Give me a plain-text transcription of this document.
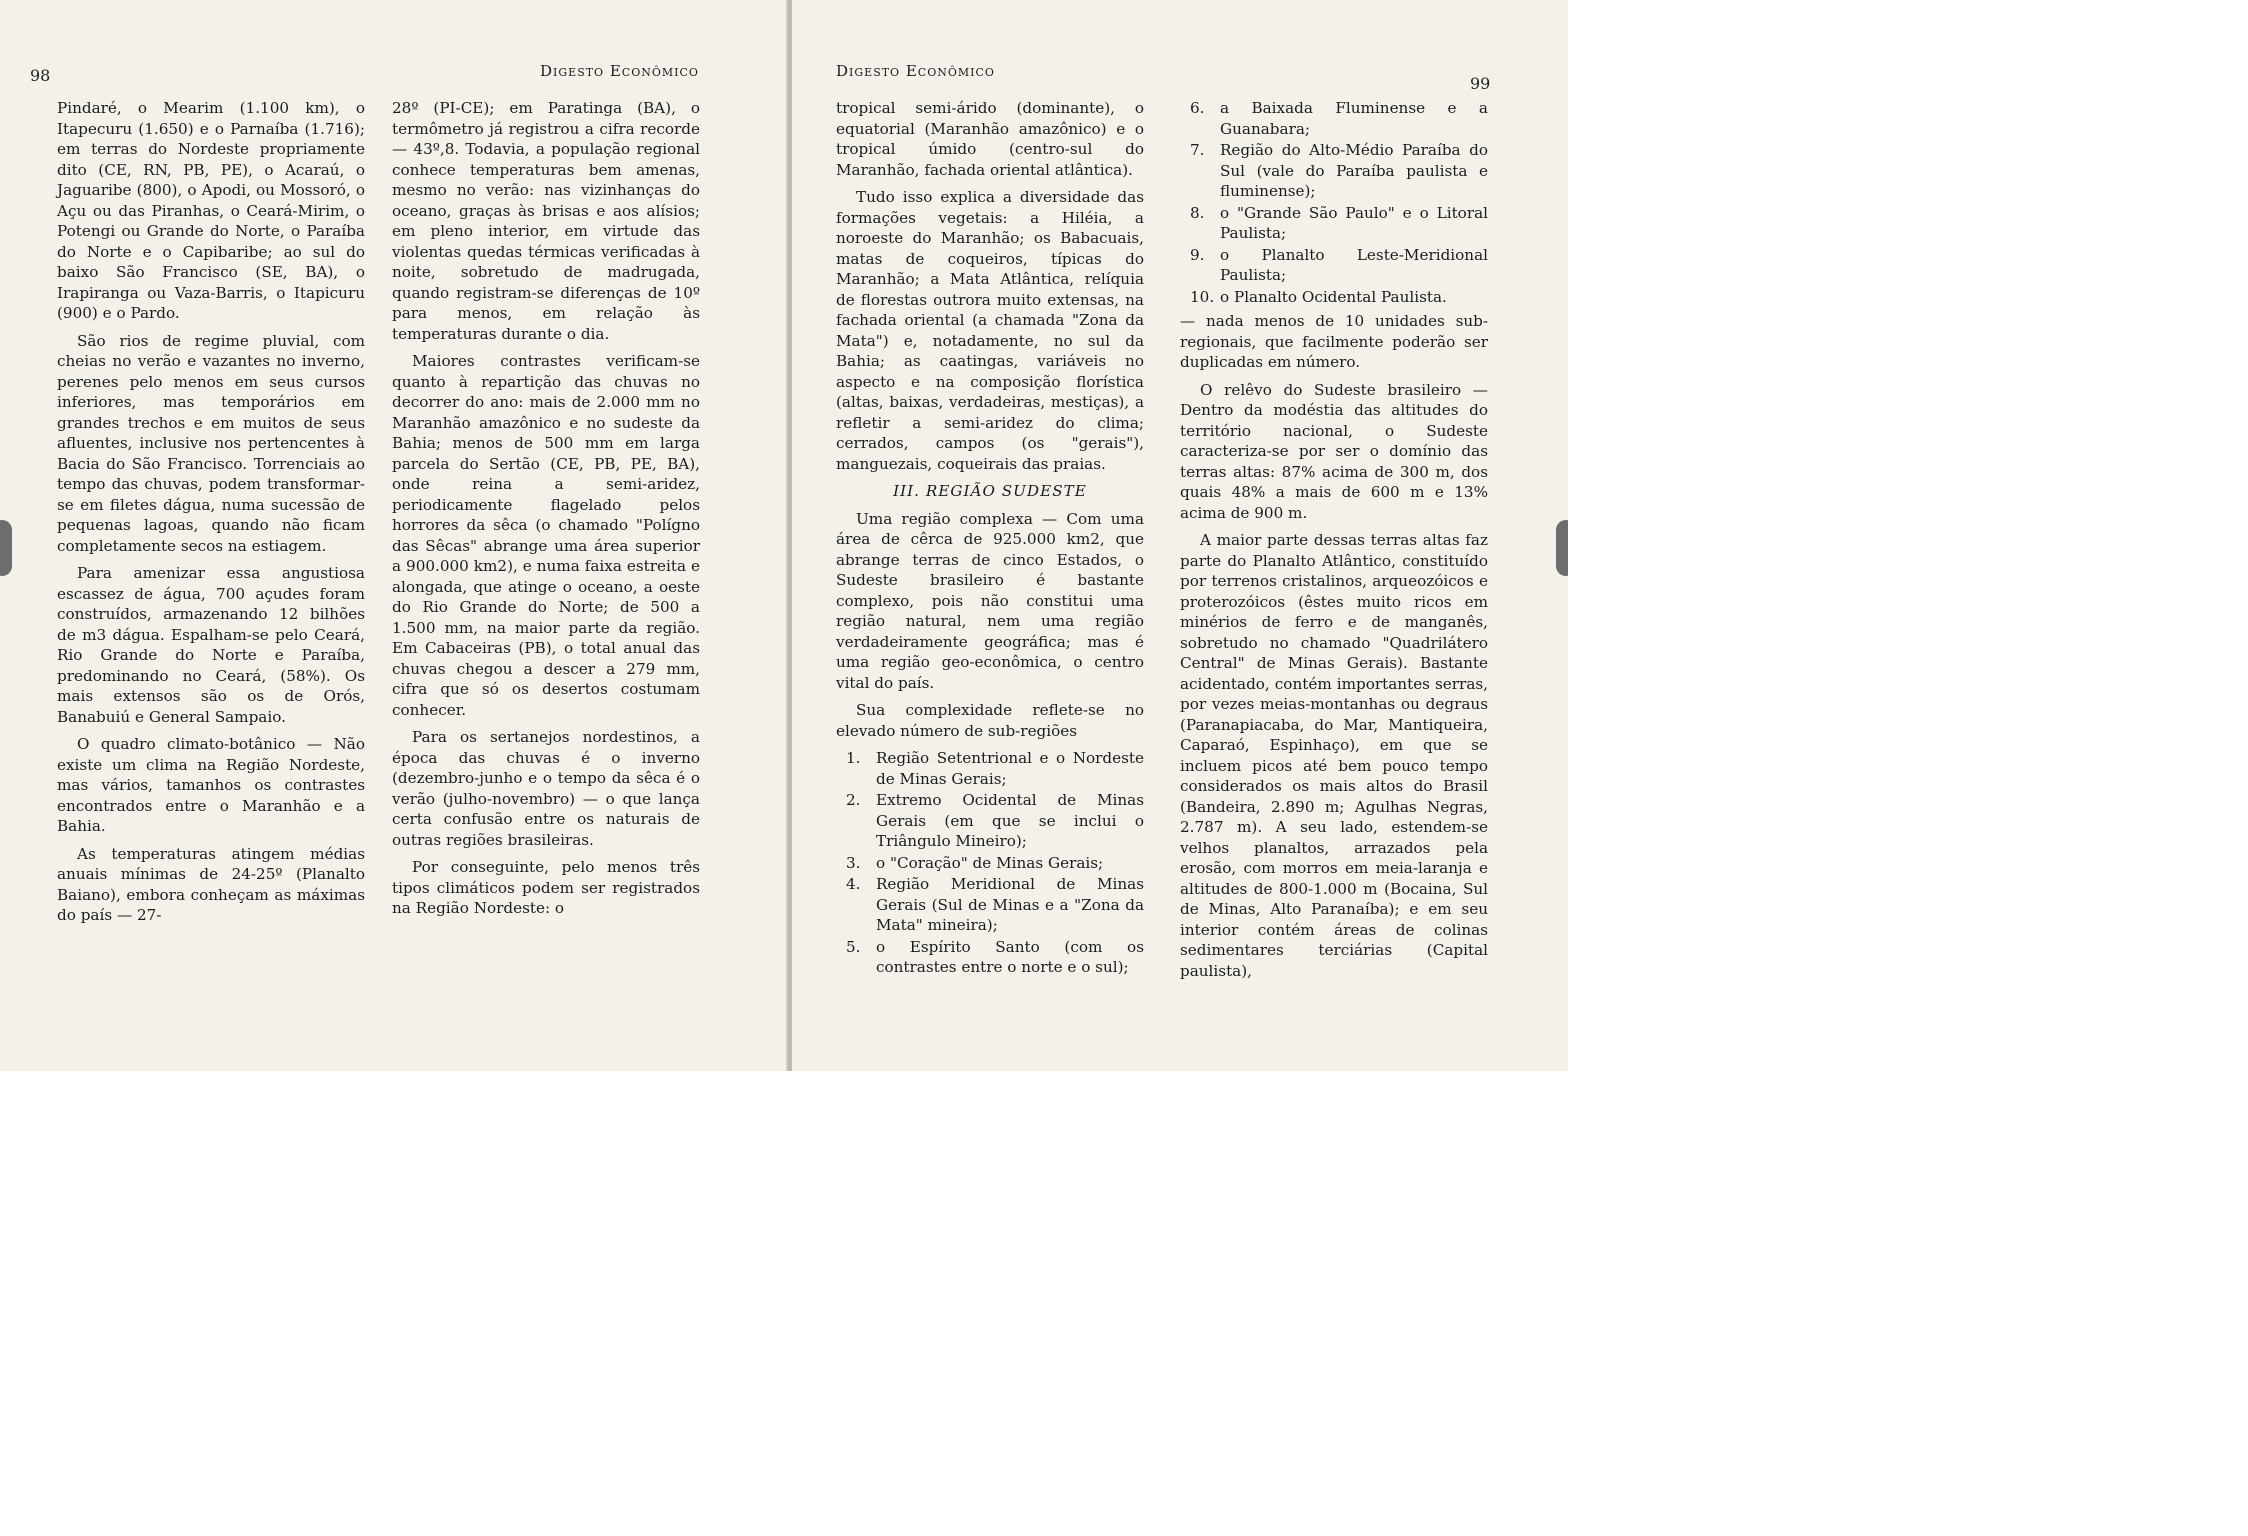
98	Digesto Econômico

Pindaré, o Mearim (1.100 km), o Itapecuru (1.650) e o Parnaíba (1.716); em terras do Nordeste propriamente dito (CE, RN, PB, PE), o Acaraú, o Jaguaribe (800), o Apodi, ou Mossoró, o Açu ou das Piranhas, o Ceará-Mirim, o Potengi ou Grande do Norte, o Paraíba do Norte e o Capibaribe; ao sul do baixo São Francisco (SE, BA), o Irapiranga ou Vaza-Barris, o Itapicuru (900) e o Pardo.

São rios de regime pluvial, com cheias no verão e vazantes no inverno, perenes pelo menos em seus cursos inferiores, mas temporários em grandes trechos e em muitos de seus afluentes, inclusive nos pertencentes à Bacia do São Francisco. Torrenciais ao tempo das chuvas, podem transformar-se em filetes dágua, numa sucessão de pequenas lagoas, quando não ficam completamente secos na estiagem.

Para amenizar essa angustiosa escassez de água, 700 açudes foram construídos, armazenando 12 bilhões de m3 dágua. Espalham-se pelo Ceará, Rio Grande do Norte e Paraíba, predominando no Ceará, (58%). Os mais extensos são os de Orós, Banabuiú e General Sampaio.

O quadro climato-botânico — Não existe um clima na Região Nordeste, mas vários, tamanhos os contrastes encontrados entre o Maranhão e a Bahia.

As temperaturas atingem médias anuais mínimas de 24-25º (Planalto Baiano), embora conheçam as máximas do país — 27-

28º (PI-CE); em Paratinga (BA), o termômetro já registrou a cifra recorde — 43º,8. Todavia, a população regional conhece temperaturas bem amenas, mesmo no verão: nas vizinhanças do oceano, graças às brisas e aos alísios; em pleno interior, em virtude das violentas quedas térmicas verificadas à noite, sobretudo de madrugada, quando registram-se diferenças de 10º para menos, em relação às temperaturas durante o dia.

Maiores contrastes verificam-se quanto à repartição das chuvas no decorrer do ano: mais de 2.000 mm no Maranhão amazônico e no sudeste da Bahia; menos de 500 mm em larga parcela do Sertão (CE, PB, PE, BA), onde reina a semi-aridez, periodicamente flagelado pelos horrores da sêca (o chamado "Polígno das Sêcas" abrange uma área superior a 900.000 km2), e numa faixa estreita e alongada, que atinge o oceano, a oeste do Rio Grande do Norte; de 500 a 1.500 mm, na maior parte da região. Em Cabaceiras (PB), o total anual das chuvas chegou a descer a 279 mm, cifra que só os desertos costumam conhecer.

Para os sertanejos nordestinos, a época das chuvas é o inverno (dezembro-junho e o tempo da sêca é o verão (julho-novembro) — o que lança certa confusão entre os naturais de outras regiões brasileiras.

Por conseguinte, pelo menos três tipos climáticos podem ser registrados na Região Nordeste: o

Digesto Econômico
99

tropical semi-árido (dominante), o equatorial (Maranhão amazônico) e o tropical úmido (centro-sul do Maranhão, fachada oriental atlântica).

Tudo isso explica a diversidade das formações vegetais: a Hiléia, a noroeste do Maranhão; os Babacuais, matas de coqueiros, típicas do Maranhão; a Mata Atlântica, relíquia de florestas outrora muito extensas, na fachada oriental (a chamada "Zona da Mata") e, notadamente, no sul da Bahia; as caatingas, variáveis no aspecto e na composição florística (altas, baixas, verdadeiras, mestiças), a refletir a semi-aridez do clima; cerrados, campos (os "gerais"), manguezais, coqueirais das praias.

III. REGIÃO SUDESTE

Uma região complexa — Com uma área de cêrca de 925.000 km2, que abrange terras de cinco Estados, o Sudeste brasileiro é bastante complexo, pois não constitui uma região natural, nem uma região verdadeiramente geográfica; mas é uma região geo-econômica, o centro vital do país.

Sua complexidade reflete-se no elevado número de sub-regiões

1. Região Setentrional e o Nordeste de Minas Gerais;
2. Extremo Ocidental de Minas Gerais (em que se inclui o Triângulo Mineiro);
3. o "Coração" de Minas Gerais;
4. Região Meridional de Minas Gerais (Sul de Minas e a "Zona da Mata" mineira);
5. o Espírito Santo (com os contrastes entre o norte e o sul);
6. a Baixada Fluminense e a Guanabara;
7. Região do Alto-Médio Paraíba do Sul (vale do Paraíba paulista e fluminense);
8. o "Grande São Paulo" e o Litoral Paulista;
9. o Planalto Leste-Meridional Paulista;
10. o Planalto Ocidental Paulista.

— nada menos de 10 unidades sub-regionais, que facilmente poderão ser duplicadas em número.

O relêvo do Sudeste brasileiro — Dentro da modéstia das altitudes do território nacional, o Sudeste caracteriza-se por ser o domínio das terras altas: 87% acima de 300 m, dos quais 48% a mais de 600 m e 13% acima de 900 m.

A maior parte dessas terras altas faz parte do Planalto Atlântico, constituído por terrenos cristalinos, arqueozóicos e proterozóicos (êstes muito ricos em minérios de ferro e de manganês, sobretudo no chamado "Quadrilátero Central" de Minas Gerais). Bastante acidentado, contém importantes serras, por vezes meias-montanhas ou degraus (Paranapiacaba, do Mar, Mantiqueira, Caparaó, Espinhaço), em que se incluem picos até bem pouco tempo considerados os mais altos do Brasil (Bandeira, 2.890 m; Agulhas Negras, 2.787 m). A seu lado, estendem-se velhos planaltos, arrazados pela erosão, com morros em meia-laranja e altitudes de 800-1.000 m (Bocaina, Sul de Minas, Alto Paranaíba); e em seu interior contém áreas de colinas sedimentares terciárias (Capital paulista),
